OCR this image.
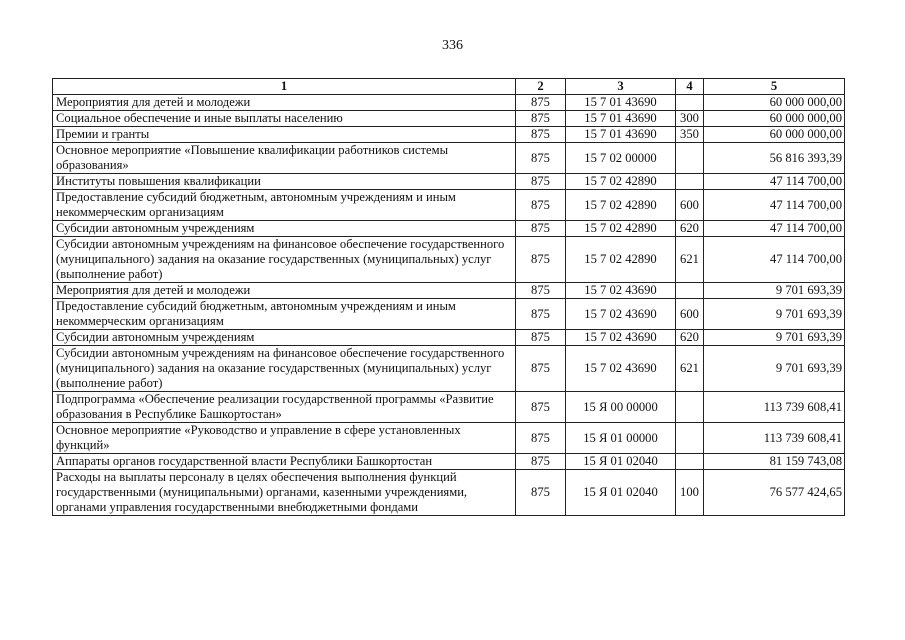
336
1	2	3	4	5
Мероприятия для детей и молодежи	875	15 7 01 43690		60 000 000,00
Социальное обеспечение и иные выплаты населению	875	15 7 01 43690	300	60 000 000,00
Премии и гранты	875	15 7 01 43690	350	60 000 000,00
Основное мероприятие «Повышение квалификации работников системы образования»	875	15 7 02 00000		56 816 393,39
Институты повышения квалификации	875	15 7 02 42890		47 114 700,00
Предоставление субсидий бюджетным, автономным учреждениям и иным некоммерческим организациям	875	15 7 02 42890	600	47 114 700,00
Субсидии автономным учреждениям	875	15 7 02 42890	620	47 114 700,00
Субсидии автономным учреждениям на финансовое обеспечение государственного (муниципального) задания на оказание государственных (муниципальных) услуг (выполнение работ)	875	15 7 02 42890	621	47 114 700,00
Мероприятия для детей и молодежи	875	15 7 02 43690		9 701 693,39
Предоставление субсидий бюджетным, автономным учреждениям и иным некоммерческим организациям	875	15 7 02 43690	600	9 701 693,39
Субсидии автономным учреждениям	875	15 7 02 43690	620	9 701 693,39
Субсидии автономным учреждениям на финансовое обеспечение государственного (муниципального) задания на оказание государственных (муниципальных) услуг (выполнение работ)	875	15 7 02 43690	621	9 701 693,39
Подпрограмма «Обеспечение реализации государственной программы «Развитие образования в Республике Башкортостан»	875	15 Я 00 00000		113 739 608,41
Основное мероприятие «Руководство и управление в сфере установленных функций»	875	15 Я 01 00000		113 739 608,41
Аппараты органов государственной власти Республики Башкортостан	875	15 Я 01 02040		81 159 743,08
Расходы на выплаты персоналу в целях обеспечения выполнения функций государственными (муниципальными) органами, казенными учреждениями, органами управления государственными внебюджетными фондами	875	15 Я 01 02040	100	76 577 424,65
